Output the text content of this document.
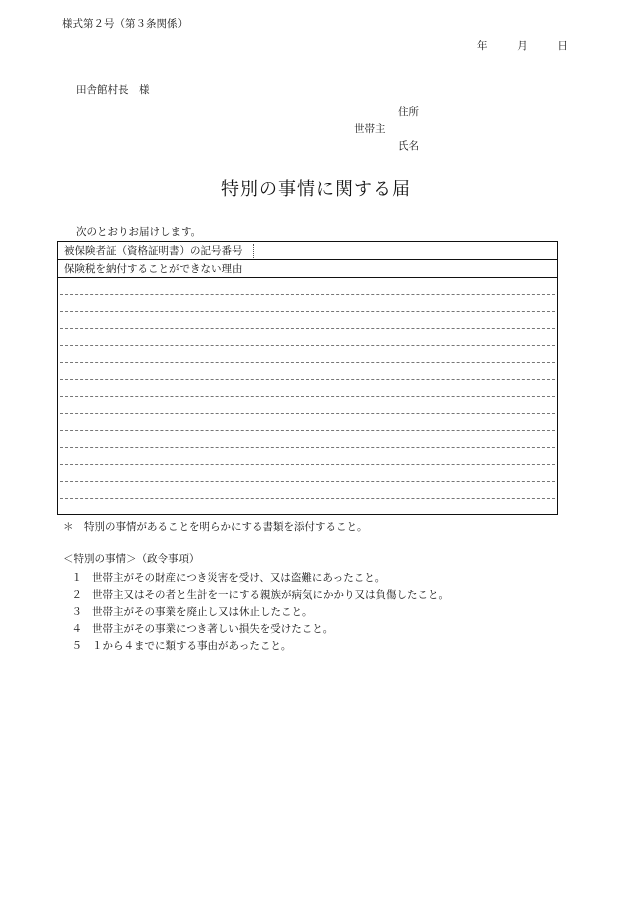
様式第２号（第３条関係）
年	月	日
田舎館村長　様
住所
世帯主
氏名
特別の事情に関する届
次のとおりお届けします。
被保険者証（資格証明書）の記号番号
保険税を納付することができない理由
＊　特別の事情があることを明らかにする書類を添付すること。
＜特別の事情＞（政令事項）
１ 世帯主がその財産につき災害を受け、又は盗難にあったこと。
２ 世帯主又はその者と生計を一にする親族が病気にかかり又は負傷したこと。
３ 世帯主がその事業を廃止し又は休止したこと。
４ 世帯主がその事業につき著しい損失を受けたこと。
５ １から４までに類する事由があったこと。
